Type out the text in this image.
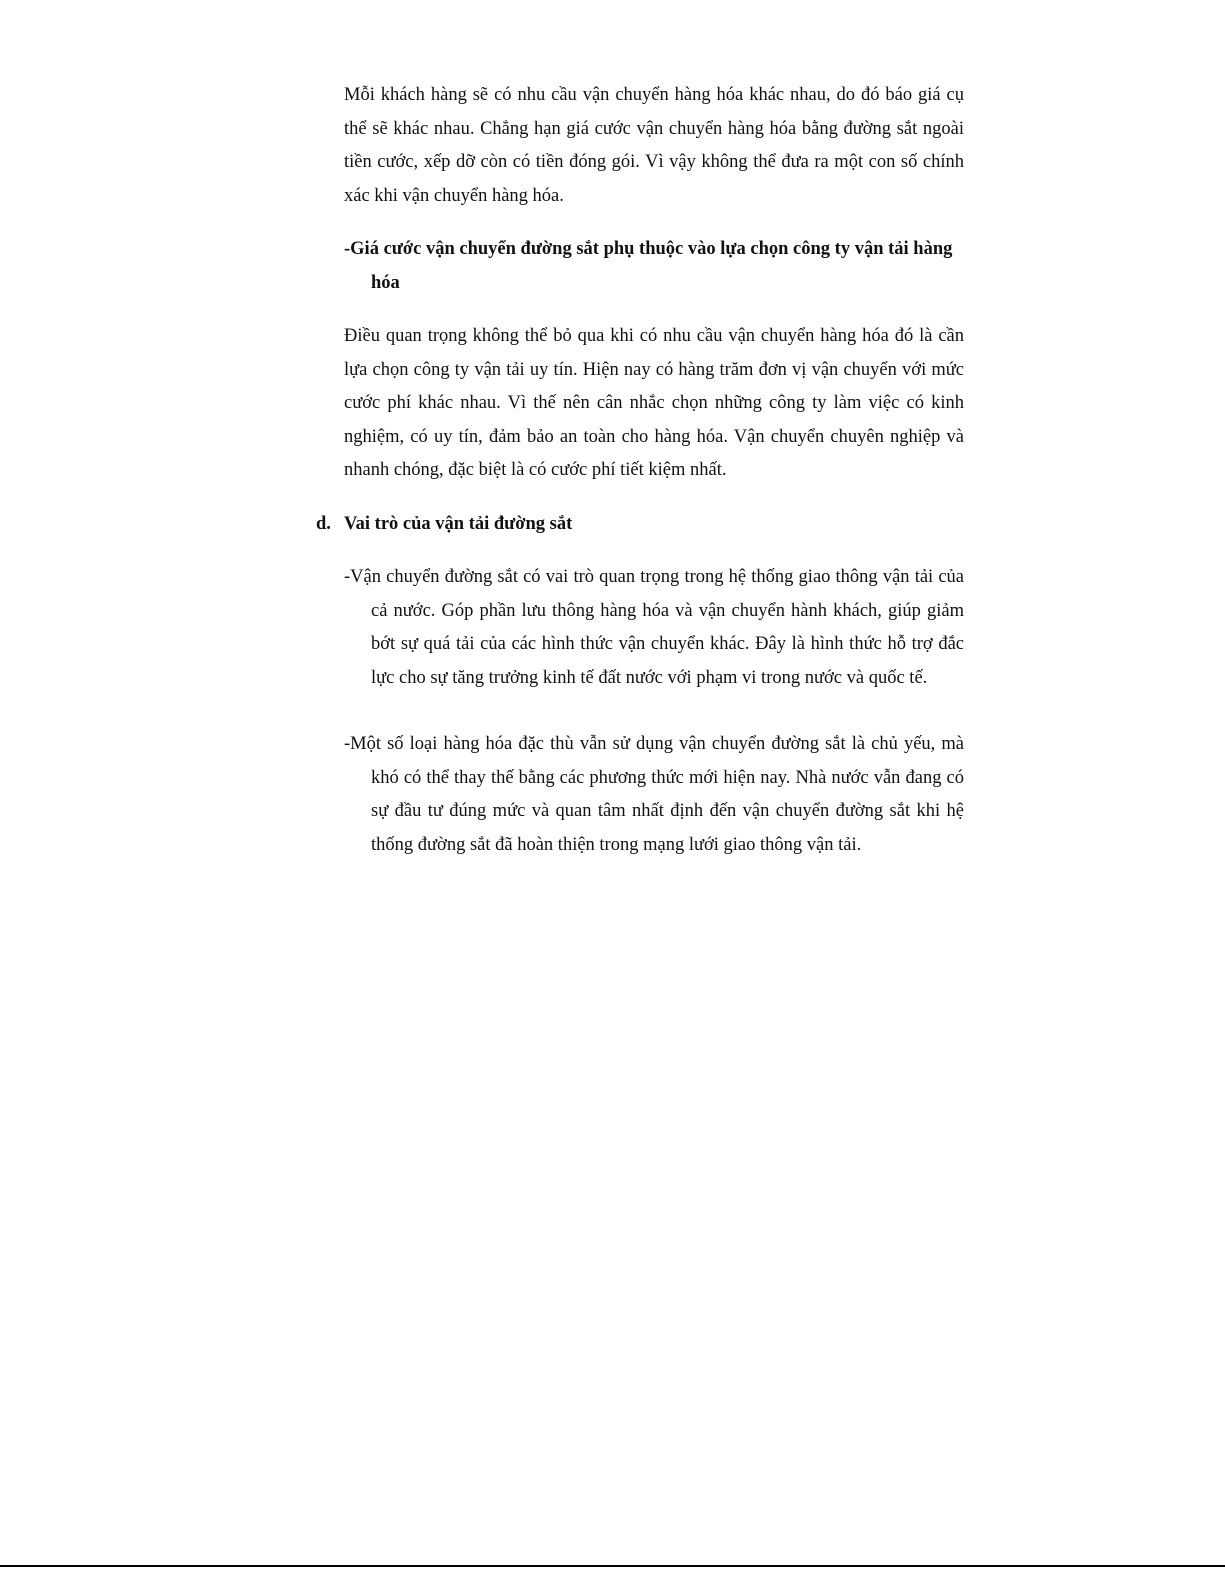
Mỗi khách hàng sẽ có nhu cầu vận chuyển hàng hóa khác nhau, do đó báo giá cụ thể sẽ khác nhau. Chẳng hạn giá cước vận chuyển hàng hóa bằng đường sắt ngoài tiền cước, xếp dỡ còn có tiền đóng gói. Vì vậy không thể đưa ra một con số chính xác khi vận chuyển hàng hóa.

-Giá cước vận chuyển đường sắt phụ thuộc vào lựa chọn công ty vận tải hàng hóa

Điều quan trọng không thể bỏ qua khi có nhu cầu vận chuyển hàng hóa đó là cần lựa chọn công ty vận tải uy tín. Hiện nay có hàng trăm đơn vị vận chuyển với mức cước phí khác nhau. Vì thế nên cân nhắc chọn những công ty làm việc có kinh nghiệm, có uy tín, đảm bảo an toàn cho hàng hóa. Vận chuyển chuyên nghiệp và nhanh chóng, đặc biệt là có cước phí tiết kiệm nhất.

d. Vai trò của vận tải đường sắt

-Vận chuyển đường sắt có vai trò quan trọng trong hệ thống giao thông vận tải của cả nước. Góp phần lưu thông hàng hóa và vận chuyển hành khách, giúp giảm bớt sự quá tải của các hình thức vận chuyển khác. Đây là hình thức hỗ trợ đắc lực cho sự tăng trưởng kinh tế đất nước với phạm vi trong nước và quốc tế.

-Một số loại hàng hóa đặc thù vẫn sử dụng vận chuyển đường sắt là chủ yếu, mà khó có thể thay thế bằng các phương thức mới hiện nay. Nhà nước vẫn đang có sự đầu tư đúng mức và quan tâm nhất định đến vận chuyển đường sắt khi hệ thống đường sắt đã hoàn thiện trong mạng lưới giao thông vận tải.
